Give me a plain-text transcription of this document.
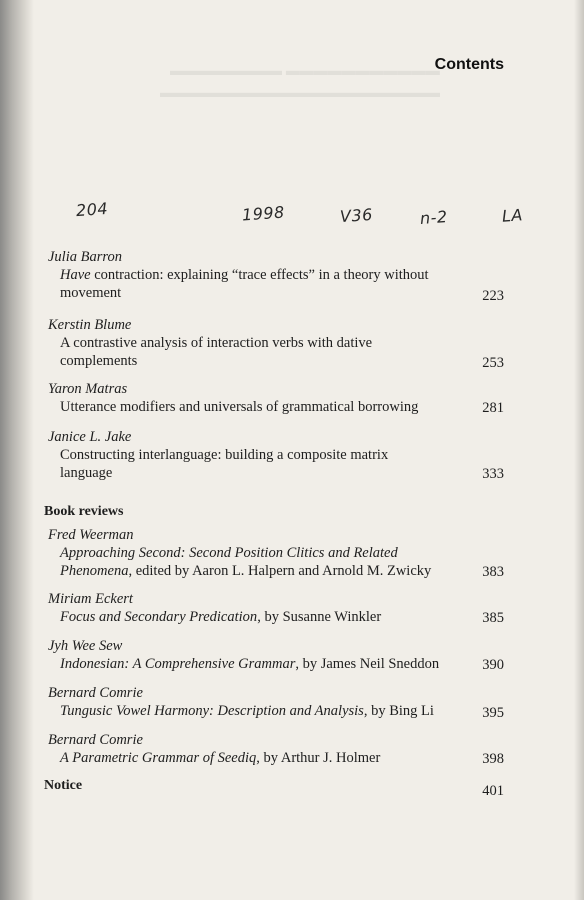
▬▬▬▬▬▬▬▬ ▬▬▬▬▬▬▬▬▬▬▬
▬▬▬▬▬▬▬▬▬▬▬▬▬▬▬▬▬▬▬▬
Contents
204	1998	V36	n-2	LA
Julia Barron
Have contraction: explaining “trace effects” in a theory without
movement	223
Kerstin Blume
A contrastive analysis of interaction verbs with dative
complements	253
Yaron Matras
Utterance modifiers and universals of grammatical borrowing	281
Janice L. Jake
Constructing interlanguage: building a composite matrix
language	333
Book reviews
Fred Weerman
Approaching Second: Second Position Clitics and Related
Phenomena, edited by Aaron L. Halpern and Arnold M. Zwicky	383
Miriam Eckert
Focus and Secondary Predication, by Susanne Winkler	385
Jyh Wee Sew
Indonesian: A Comprehensive Grammar, by James Neil Sneddon	390
Bernard Comrie
Tungusic Vowel Harmony: Description and Analysis, by Bing Li	395
Bernard Comrie
A Parametric Grammar of Seediq, by Arthur J. Holmer	398
Notice	401
